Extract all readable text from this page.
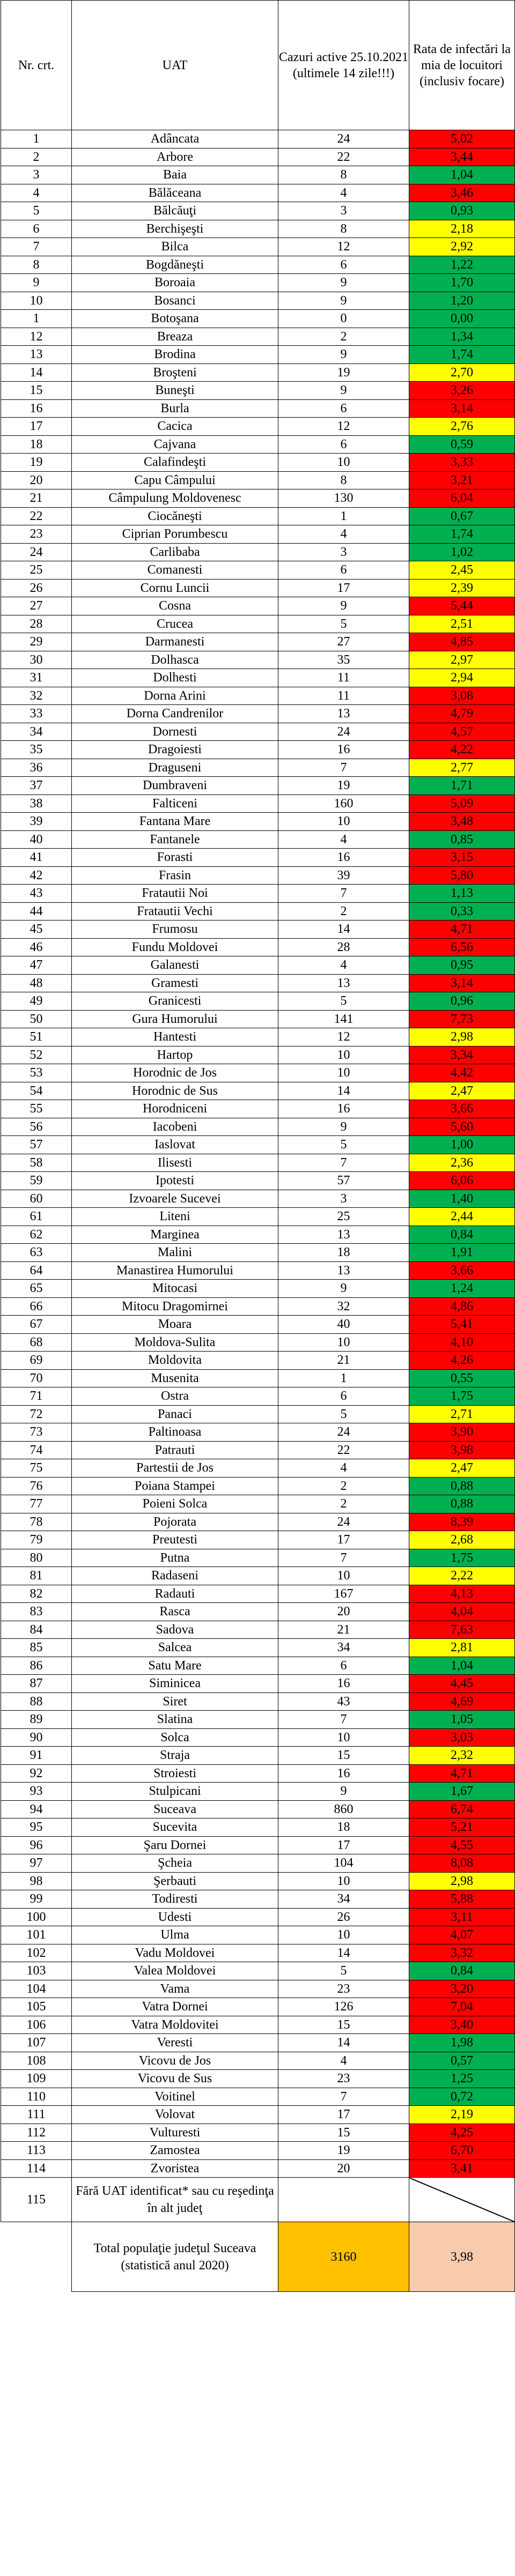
Nr. crt.	UAT	Cazuri active 25.10.2021 (ultimele 14 zile!!!)	Rata de infectări la mia de locuitori (inclusiv focare)
1	Adâncata	24	5,02
2	Arbore	22	3,44
3	Baia	8	1,04
4	Bălăceana	4	3,46
5	Bălcăuţi	3	0,93
6	Berchişeşti	8	2,18
7	Bilca	12	2,92
8	Bogdăneşti	6	1,22
9	Boroaia	9	1,70
10	Bosanci	9	1,20
1	Botoşana	0	0,00
12	Breaza	2	1,34
13	Brodina	9	1,74
14	Broşteni	19	2,70
15	Buneşti	9	3,26
16	Burla	6	3,14
17	Cacica	12	2,76
18	Cajvana	6	0,59
19	Calafindeşti	10	3,33
20	Capu Câmpului	8	3,21
21	Câmpulung Moldovenesc	130	6,04
22	Ciocăneşti	1	0,67
23	Ciprian Porumbescu	4	1,74
24	Carlibaba	3	1,02
25	Comanesti	6	2,45
26	Cornu Luncii	17	2,39
27	Cosna	9	5,44
28	Crucea	5	2,51
29	Darmanesti	27	4,85
30	Dolhasca	35	2,97
31	Dolhesti	11	2,94
32	Dorna Arini	11	3,08
33	Dorna Candrenilor	13	4,79
34	Dornesti	24	4,57
35	Dragoiesti	16	4,22
36	Draguseni	7	2,77
37	Dumbraveni	19	1,71
38	Falticeni	160	5,09
39	Fantana Mare	10	3,48
40	Fantanele	4	0,85
41	Forasti	16	3,15
42	Frasin	39	5,80
43	Fratautii Noi	7	1,13
44	Fratautii Vechi	2	0,33
45	Frumosu	14	4,71
46	Fundu Moldovei	28	6,56
47	Galanesti	4	0,95
48	Gramesti	13	3,14
49	Granicesti	5	0,96
50	Gura Humorului	141	7,73
51	Hantesti	12	2,98
52	Hartop	10	3,34
53	Horodnic de Jos	10	4,42
54	Horodnic de Sus	14	2,47
55	Horodniceni	16	3,66
56	Iacobeni	9	5,60
57	Iaslovat	5	1,00
58	Ilisesti	7	2,36
59	Ipotesti	57	6,06
60	Izvoarele Sucevei	3	1,40
61	Liteni	25	2,44
62	Marginea	13	0,84
63	Malini	18	1,91
64	Manastirea Humorului	13	3,66
65	Mitocasi	9	1,24
66	Mitocu Dragomirnei	32	4,86
67	Moara	40	5,41
68	Moldova-Sulita	10	4,10
69	Moldovita	21	4,26
70	Musenita	1	0,55
71	Ostra	6	1,75
72	Panaci	5	2,71
73	Paltinoasa	24	3,90
74	Patrauti	22	3,98
75	Partestii de Jos	4	2,47
76	Poiana Stampei	2	0,88
77	Poieni Solca	2	0,88
78	Pojorata	24	8,39
79	Preutesti	17	2,68
80	Putna	7	1,75
81	Radaseni	10	2,22
82	Radauti	167	4,13
83	Rasca	20	4,04
84	Sadova	21	7,63
85	Salcea	34	2,81
86	Satu Mare	6	1,04
87	Siminicea	16	4,45
88	Siret	43	4,69
89	Slatina	7	1,05
90	Solca	10	3,03
91	Straja	15	2,32
92	Stroiesti	16	4,71
93	Stulpicani	9	1,67
94	Suceava	860	6,74
95	Sucevita	18	5,21
96	Şaru Dornei	17	4,55
97	Şcheia	104	8,08
98	Şerbauti	10	2,98
99	Todiresti	34	5,88
100	Udesti	26	3,11
101	Ulma	10	4,07
102	Vadu Moldovei	14	3,32
103	Valea Moldovei	5	0,84
104	Vama	23	3,20
105	Vatra Dornei	126	7,04
106	Vatra Moldovitei	15	3,40
107	Veresti	14	1,98
108	Vicovu de Jos	4	0,57
109	Vicovu de Sus	23	1,25
110	Voitinel	7	0,72
111	Volovat	17	2,19
112	Vulturesti	15	4,25
113	Zamostea	19	6,70
114	Zvoristea	20	3,41
115	Fără UAT identificat* sau cu reşedinţa în alt judeţ		
	Total populaţie judeţul Suceava (statistică anul 2020)	3160	3,98
